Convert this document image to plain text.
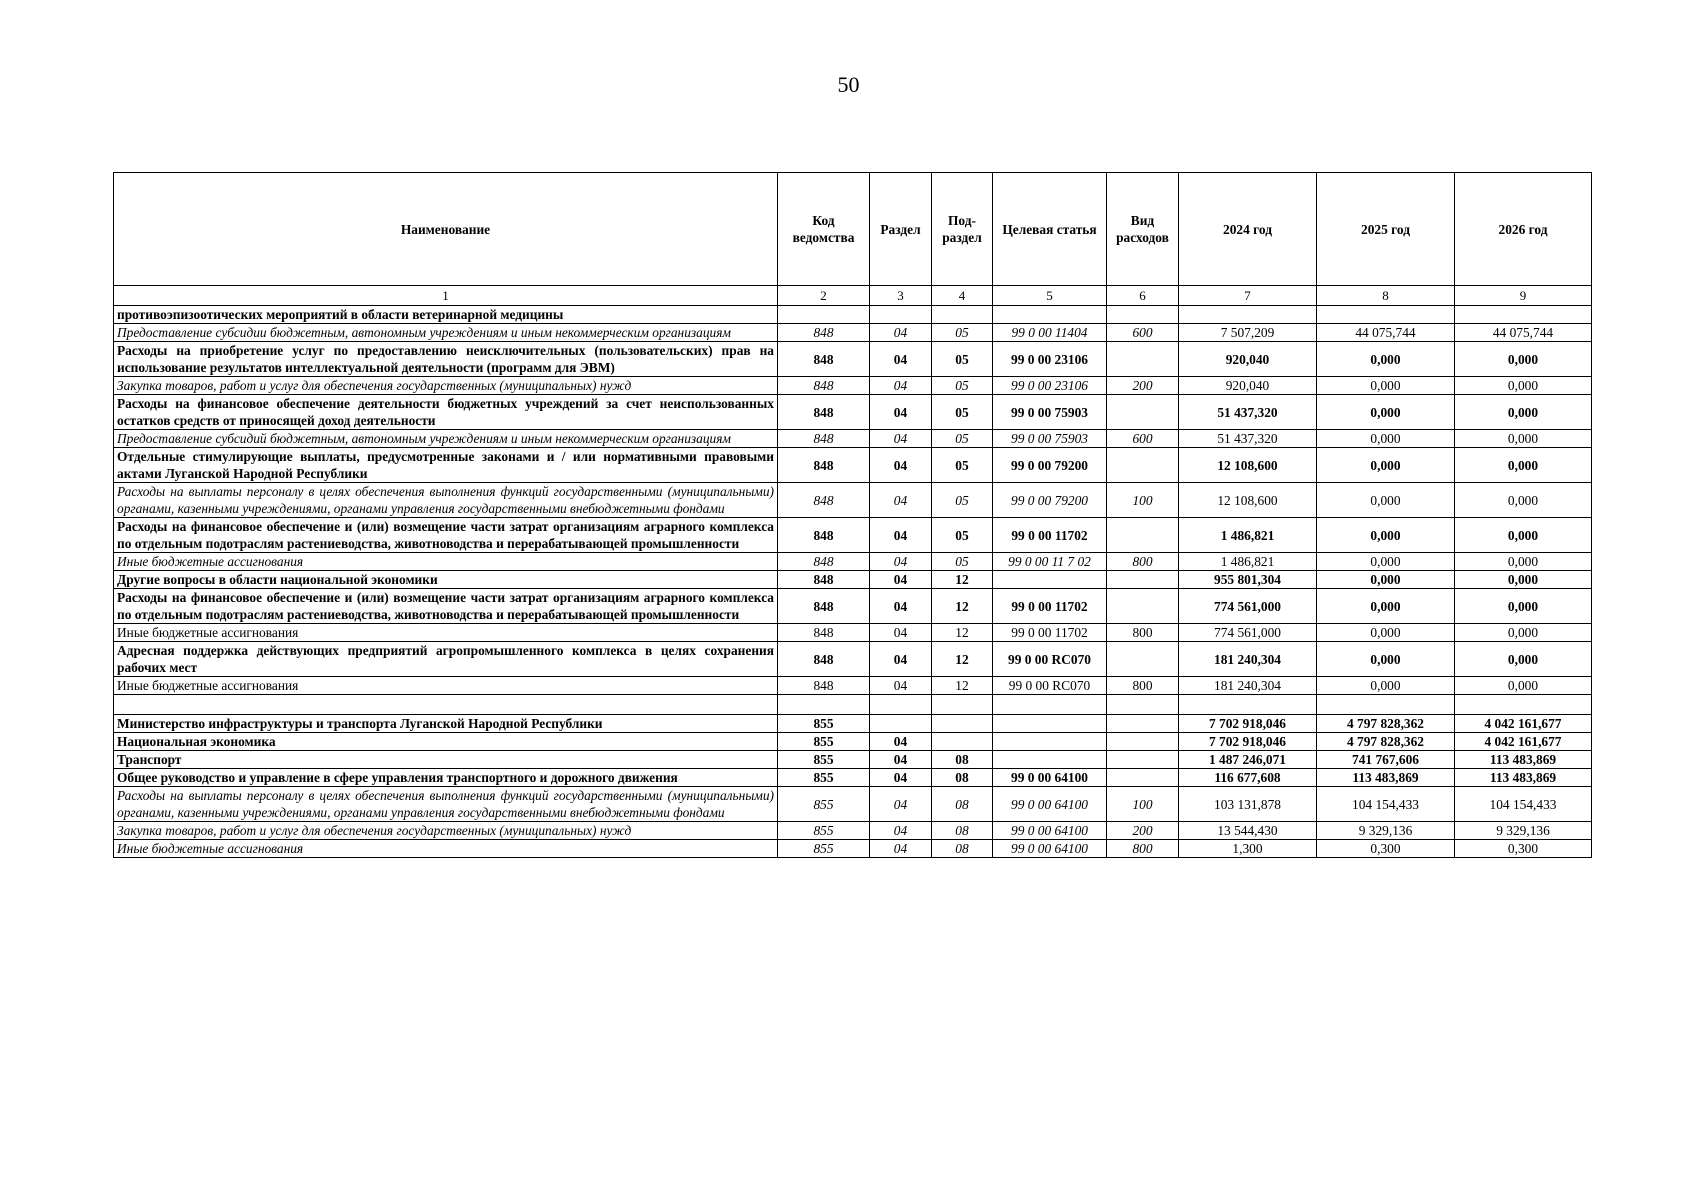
50
Наименование	Код ведомства	Раздел	Под-раздел	Целевая статья	Вид расходов	2024 год	2025 год	2026 год
1	2	3	4	5	6	7	8	9
противоэпизоотических мероприятий в области ветеринарной медицины								
Предоставление субсидии бюджетным, автономным учреждениям и иным некоммерческим организациям	848	04	05	99 0 00 11404	600	7 507,209	44 075,744	44 075,744
Расходы на приобретение услуг по предоставлению неисключительных (пользовательских) прав на использование результатов интеллектуальной деятельности (программ для ЭВМ)	848	04	05	99 0 00 23106		920,040	0,000	0,000
Закупка товаров, работ и услуг для обеспечения государственных (муниципальных) нужд	848	04	05	99 0 00 23106	200	920,040	0,000	0,000
Расходы на финансовое обеспечение деятельности бюджетных учреждений за счет неиспользованных остатков средств от приносящей доход деятельности	848	04	05	99 0 00 75903		51 437,320	0,000	0,000
Предоставление субсидий бюджетным, автономным учреждениям и иным некоммерческим организациям	848	04	05	99 0 00 75903	600	51 437,320	0,000	0,000
Отдельные стимулирующие выплаты, предусмотренные законами и / или нормативными правовыми актами Луганской Народной Республики	848	04	05	99 0 00 79200		12 108,600	0,000	0,000
Расходы на выплаты персоналу в целях обеспечения выполнения функций государственными (муниципальными) органами, казенными учреждениями, органами управления государственными внебюджетными фондами	848	04	05	99 0 00 79200	100	12 108,600	0,000	0,000
Расходы на финансовое обеспечение и (или) возмещение части затрат организациям аграрного комплекса по отдельным подотраслям растениеводства, животноводства и перерабатывающей промышленности	848	04	05	99 0 00 11702		1 486,821	0,000	0,000
Иные бюджетные ассигнования	848	04	05	99 0 00 11 7 02	800	1 486,821	0,000	0,000
Другие вопросы в области национальной экономики	848	04	12			955 801,304	0,000	0,000
Расходы на финансовое обеспечение и (или) возмещение части затрат организациям аграрного комплекса по отдельным подотраслям растениеводства, животноводства и перерабатывающей промышленности	848	04	12	99 0 00 11702		774 561,000	0,000	0,000
Иные бюджетные ассигнования	848	04	12	99 0 00 11702	800	774 561,000	0,000	0,000
Адресная поддержка действующих предприятий агропромышленного комплекса в целях сохранения рабочих мест	848	04	12	99 0 00 RC070		181 240,304	0,000	0,000
Иные бюджетные ассигнования	848	04	12	99 0 00 RC070	800	181 240,304	0,000	0,000

Министерство инфраструктуры и транспорта Луганской Народной Республики	855					7 702 918,046	4 797 828,362	4 042 161,677
Национальная экономика	855	04				7 702 918,046	4 797 828,362	4 042 161,677
Транспорт	855	04	08			1 487 246,071	741 767,606	113 483,869
Общее руководство и управление в сфере управления транспортного и дорожного движения	855	04	08	99 0 00 64100		116 677,608	113 483,869	113 483,869
Расходы на выплаты персоналу в целях обеспечения выполнения функций государственными (муниципальными) органами, казенными учреждениями, органами управления государственными внебюджетными фондами	855	04	08	99 0 00 64100	100	103 131,878	104 154,433	104 154,433
Закупка товаров, работ и услуг для обеспечения государственных (муниципальных) нужд	855	04	08	99 0 00 64100	200	13 544,430	9 329,136	9 329,136
Иные бюджетные ассигнования	855	04	08	99 0 00 64100	800	1,300	0,300	0,300
